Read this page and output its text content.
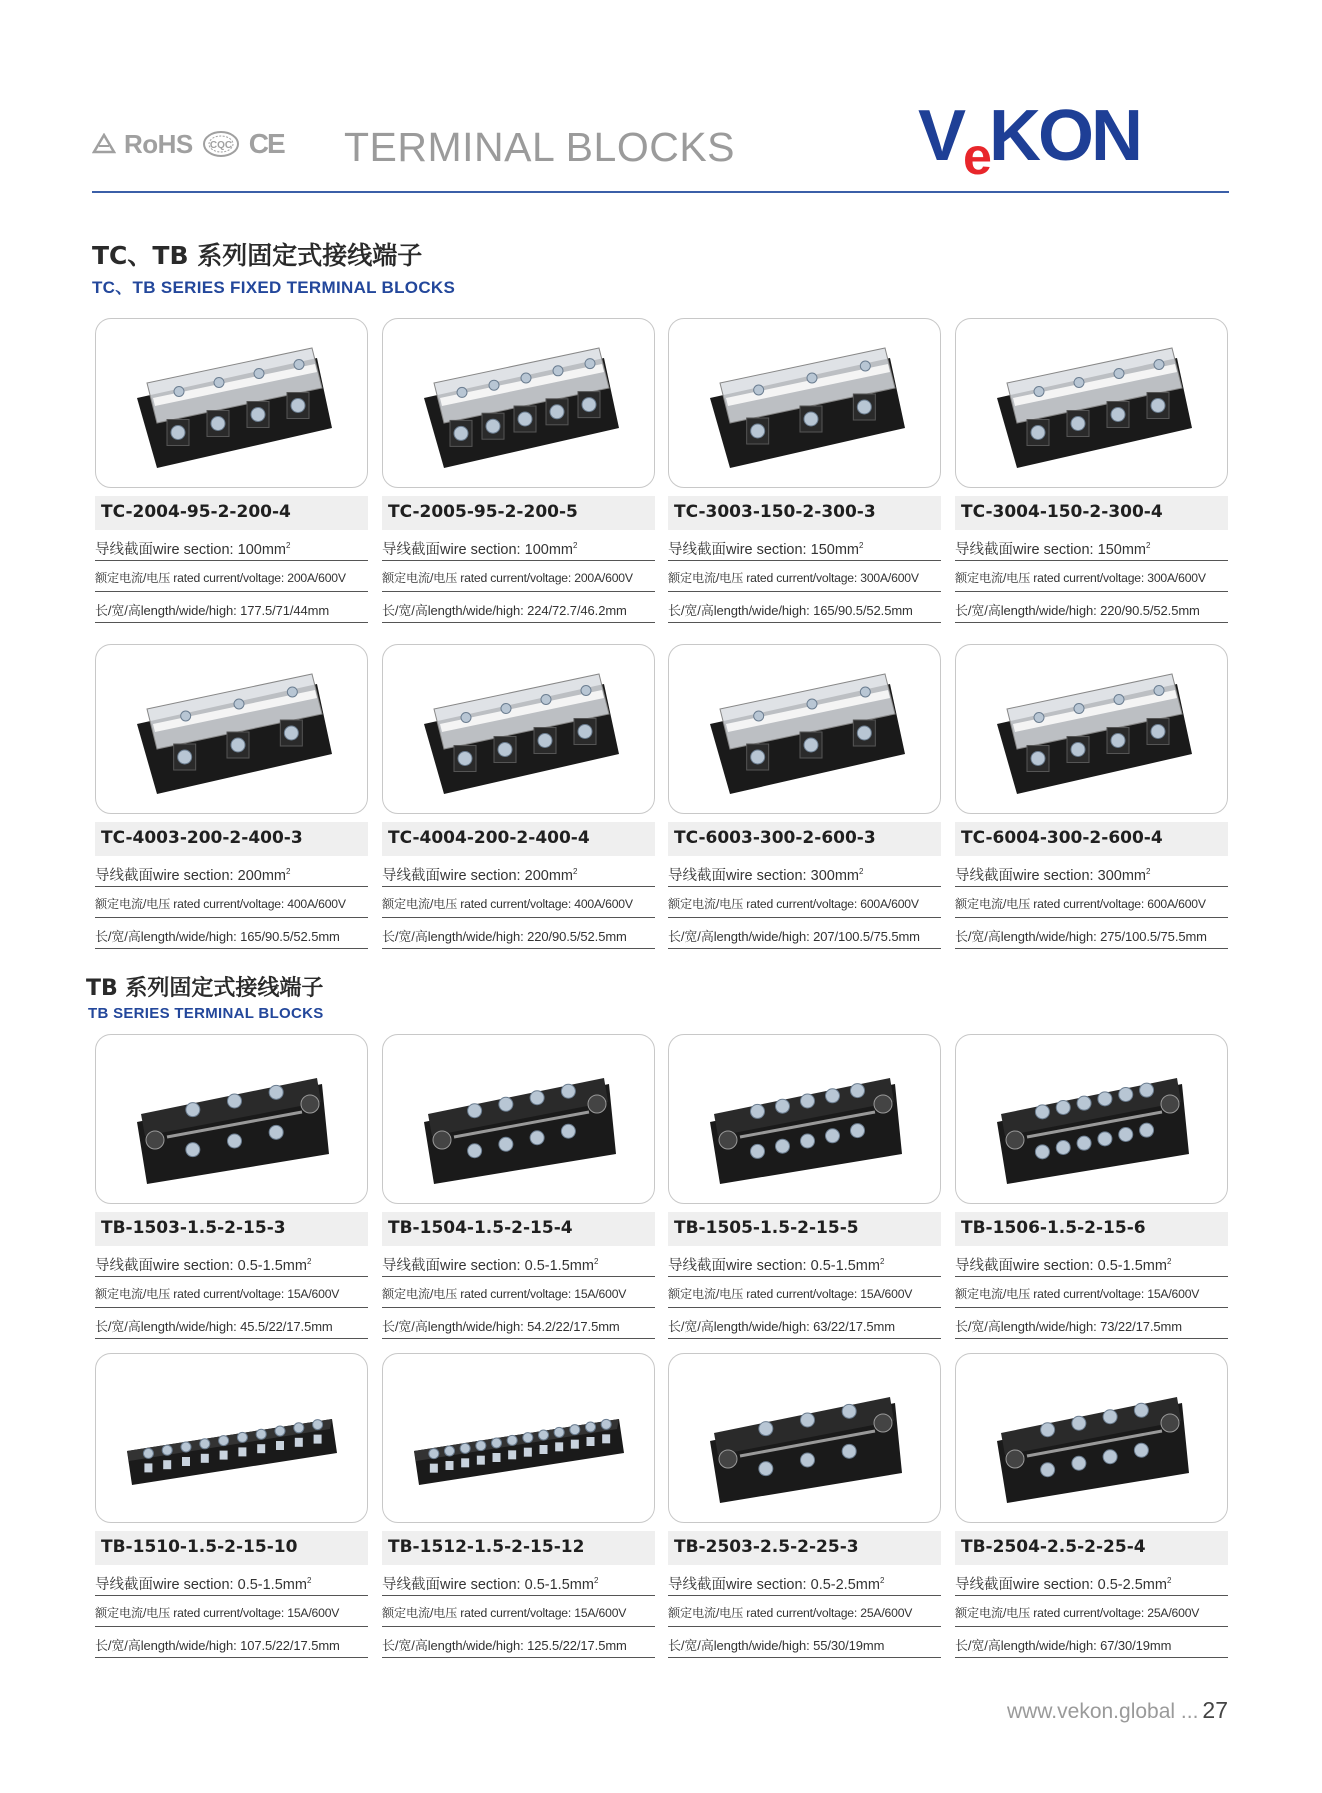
RoHS CQC CE TERMINAL BLOCKS	VeKON
TC、TB 系列固定式接线端子
TC、TB SERIES FIXED TERMINAL BLOCKS
TB 系列固定式接线端子
TB SERIES TERMINAL BLOCKS
TC-2004-95-2-200-4
导线截面wire section: $100mm^2$
额定电流/电压 rated current/voltage: 200A/600V
长/宽/高length/wide/high: 177.5/71/44mm
TC-2005-95-2-200-5
导线截面wire section: $100mm^2$
额定电流/电压 rated current/voltage: 200A/600V
长/宽/高length/wide/high: 224/72.7/46.2mm
TC-3003-150-2-300-3
导线截面wire section: $150mm^2$
额定电流/电压 rated current/voltage: 300A/600V
长/宽/高length/wide/high: 165/90.5/52.5mm
TC-3004-150-2-300-4
导线截面wire section: $150mm^2$
额定电流/电压 rated current/voltage: 300A/600V
长/宽/高length/wide/high: 220/90.5/52.5mm
TC-4003-200-2-400-3
导线截面wire section: $200mm^2$
额定电流/电压 rated current/voltage: 400A/600V
长/宽/高length/wide/high: 165/90.5/52.5mm
TC-4004-200-2-400-4
导线截面wire section: $200mm^2$
额定电流/电压 rated current/voltage: 400A/600V
长/宽/高length/wide/high: 220/90.5/52.5mm
TC-6003-300-2-600-3
导线截面wire section: $300mm^2$
额定电流/电压 rated current/voltage: 600A/600V
长/宽/高length/wide/high: 207/100.5/75.5mm
TC-6004-300-2-600-4
导线截面wire section: $300mm^2$
额定电流/电压 rated current/voltage: 600A/600V
长/宽/高length/wide/high: 275/100.5/75.5mm
TB-1503-1.5-2-15-3
导线截面wire section: $0.5-1.5mm^2$
额定电流/电压 rated current/voltage: 15A/600V
长/宽/高length/wide/high: 45.5/22/17.5mm
TB-1504-1.5-2-15-4
导线截面wire section: $0.5-1.5mm^2$
额定电流/电压 rated current/voltage: 15A/600V
长/宽/高length/wide/high: 54.2/22/17.5mm
TB-1505-1.5-2-15-5
导线截面wire section: $0.5-1.5mm^2$
额定电流/电压 rated current/voltage: 15A/600V
长/宽/高length/wide/high: 63/22/17.5mm
TB-1506-1.5-2-15-6
导线截面wire section: $0.5-1.5mm^2$
额定电流/电压 rated current/voltage: 15A/600V
长/宽/高length/wide/high: 73/22/17.5mm
TB-1510-1.5-2-15-10
导线截面wire section: $0.5-1.5mm^2$
额定电流/电压 rated current/voltage: 15A/600V
长/宽/高length/wide/high: 107.5/22/17.5mm
TB-1512-1.5-2-15-12
导线截面wire section: $0.5-1.5mm^2$
额定电流/电压 rated current/voltage: 15A/600V
长/宽/高length/wide/high: 125.5/22/17.5mm
TB-2503-2.5-2-25-3
导线截面wire section: $0.5-2.5mm^2$
额定电流/电压 rated current/voltage: 25A/600V
长/宽/高length/wide/high: 55/30/19mm
TB-2504-2.5-2-25-4
导线截面wire section: $0.5-2.5mm^2$
额定电流/电压 rated current/voltage: 25A/600V
长/宽/高length/wide/high: 67/30/19mm
www.vekon.global ... 27
